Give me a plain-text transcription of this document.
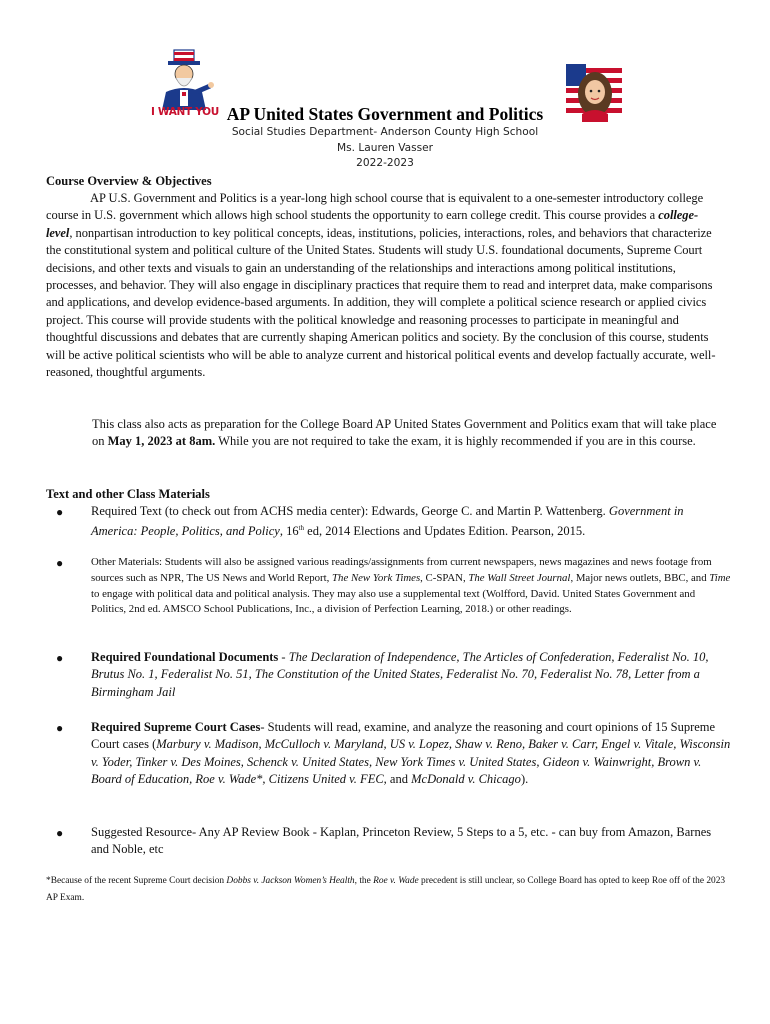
I WANT YOU AP United States Government and Politics
Social Studies Department- Anderson County High School
Ms. Lauren Vasser
2022-2023
Course Overview & Objectives

AP U.S. Government and Politics is a year-long high school course that is equivalent to a one-semester introductory college course in U.S. government which allows high school students the opportunity to earn college credit. This course provides a college-level, nonpartisan introduction to key political concepts, ideas, institutions, policies, interactions, roles, and behaviors that characterize the constitutional system and political culture of the United States. Students will study U.S. foundational documents, Supreme Court decisions, and other texts and visuals to gain an understanding of the relationships and interactions among political institutions, processes, and behavior. They will also engage in disciplinary practices that require them to read and interpret data, make comparisons and applications, and develop evidence-based arguments. In addition, they will complete a political science research or applied civics project. This course will provide students with the political knowledge and reasoning processes to participate in meaningful and thoughtful discussions and debates that are currently shaping American politics and society. By the conclusion of this course, students will be active political scientists who will be able to analyze current and historical political events and develop factually accurate, well-reasoned, thoughtful arguments.

This class also acts as preparation for the College Board AP United States Government and Politics exam that will take place on May 1, 2023 at 8am. While you are not required to take the exam, it is highly recommended if you are in this course.

Text and other Class Materials
● Required Text (to check out from ACHS media center): Edwards, George C. and Martin P. Wattenberg. Government in America: People, Politics, and Policy, 16th ed, 2014 Elections and Updates Edition. Pearson, 2015.

●	Other Materials: Students will also be assigned various readings/assignments from current newspapers, news magazines and news footage from sources such as NPR, The US News and World Report, The New York Times, C-SPAN, The Wall Street Journal, Major news outlets, BBC, and Time to engage with political data and political analysis. They may also use a supplemental text (Wolfford, David. United States Government and Politics, 2nd ed. AMSCO School Publications, Inc., a division of Perfection Learning, 2018.) or other readings.

● Required Foundational Documents - The Declaration of Independence, The Articles of Confederation, Federalist No. 10, Brutus No. 1, Federalist No. 51, The Constitution of the United States, Federalist No. 70, Federalist No. 78, Letter from a Birmingham Jail

● Required Supreme Court Cases- Students will read, examine, and analyze the reasoning and court opinions of 15 Supreme Court cases (Marbury v. Madison, McCulloch v. Maryland, US v. Lopez, Shaw v. Reno, Baker v. Carr, Engel v. Vitale, Wisconsin v. Yoder, Tinker v. Des Moines, Schenck v. United States, New York Times v. United States, Gideon v. Wainwright, Brown v. Board of Education, Roe v. Wade*, Citizens United v. FEC, and McDonald v. Chicago).

● Suggested Resource- Any AP Review Book - Kaplan, Princeton Review, 5 Steps to a 5, etc. - can buy from Amazon, Barnes and Noble, etc

*Because of the recent Supreme Court decision Dobbs v. Jackson Women’s Health, the Roe v. Wade precedent is still unclear, so College Board has opted to keep Roe off of the 2023 AP Exam.
